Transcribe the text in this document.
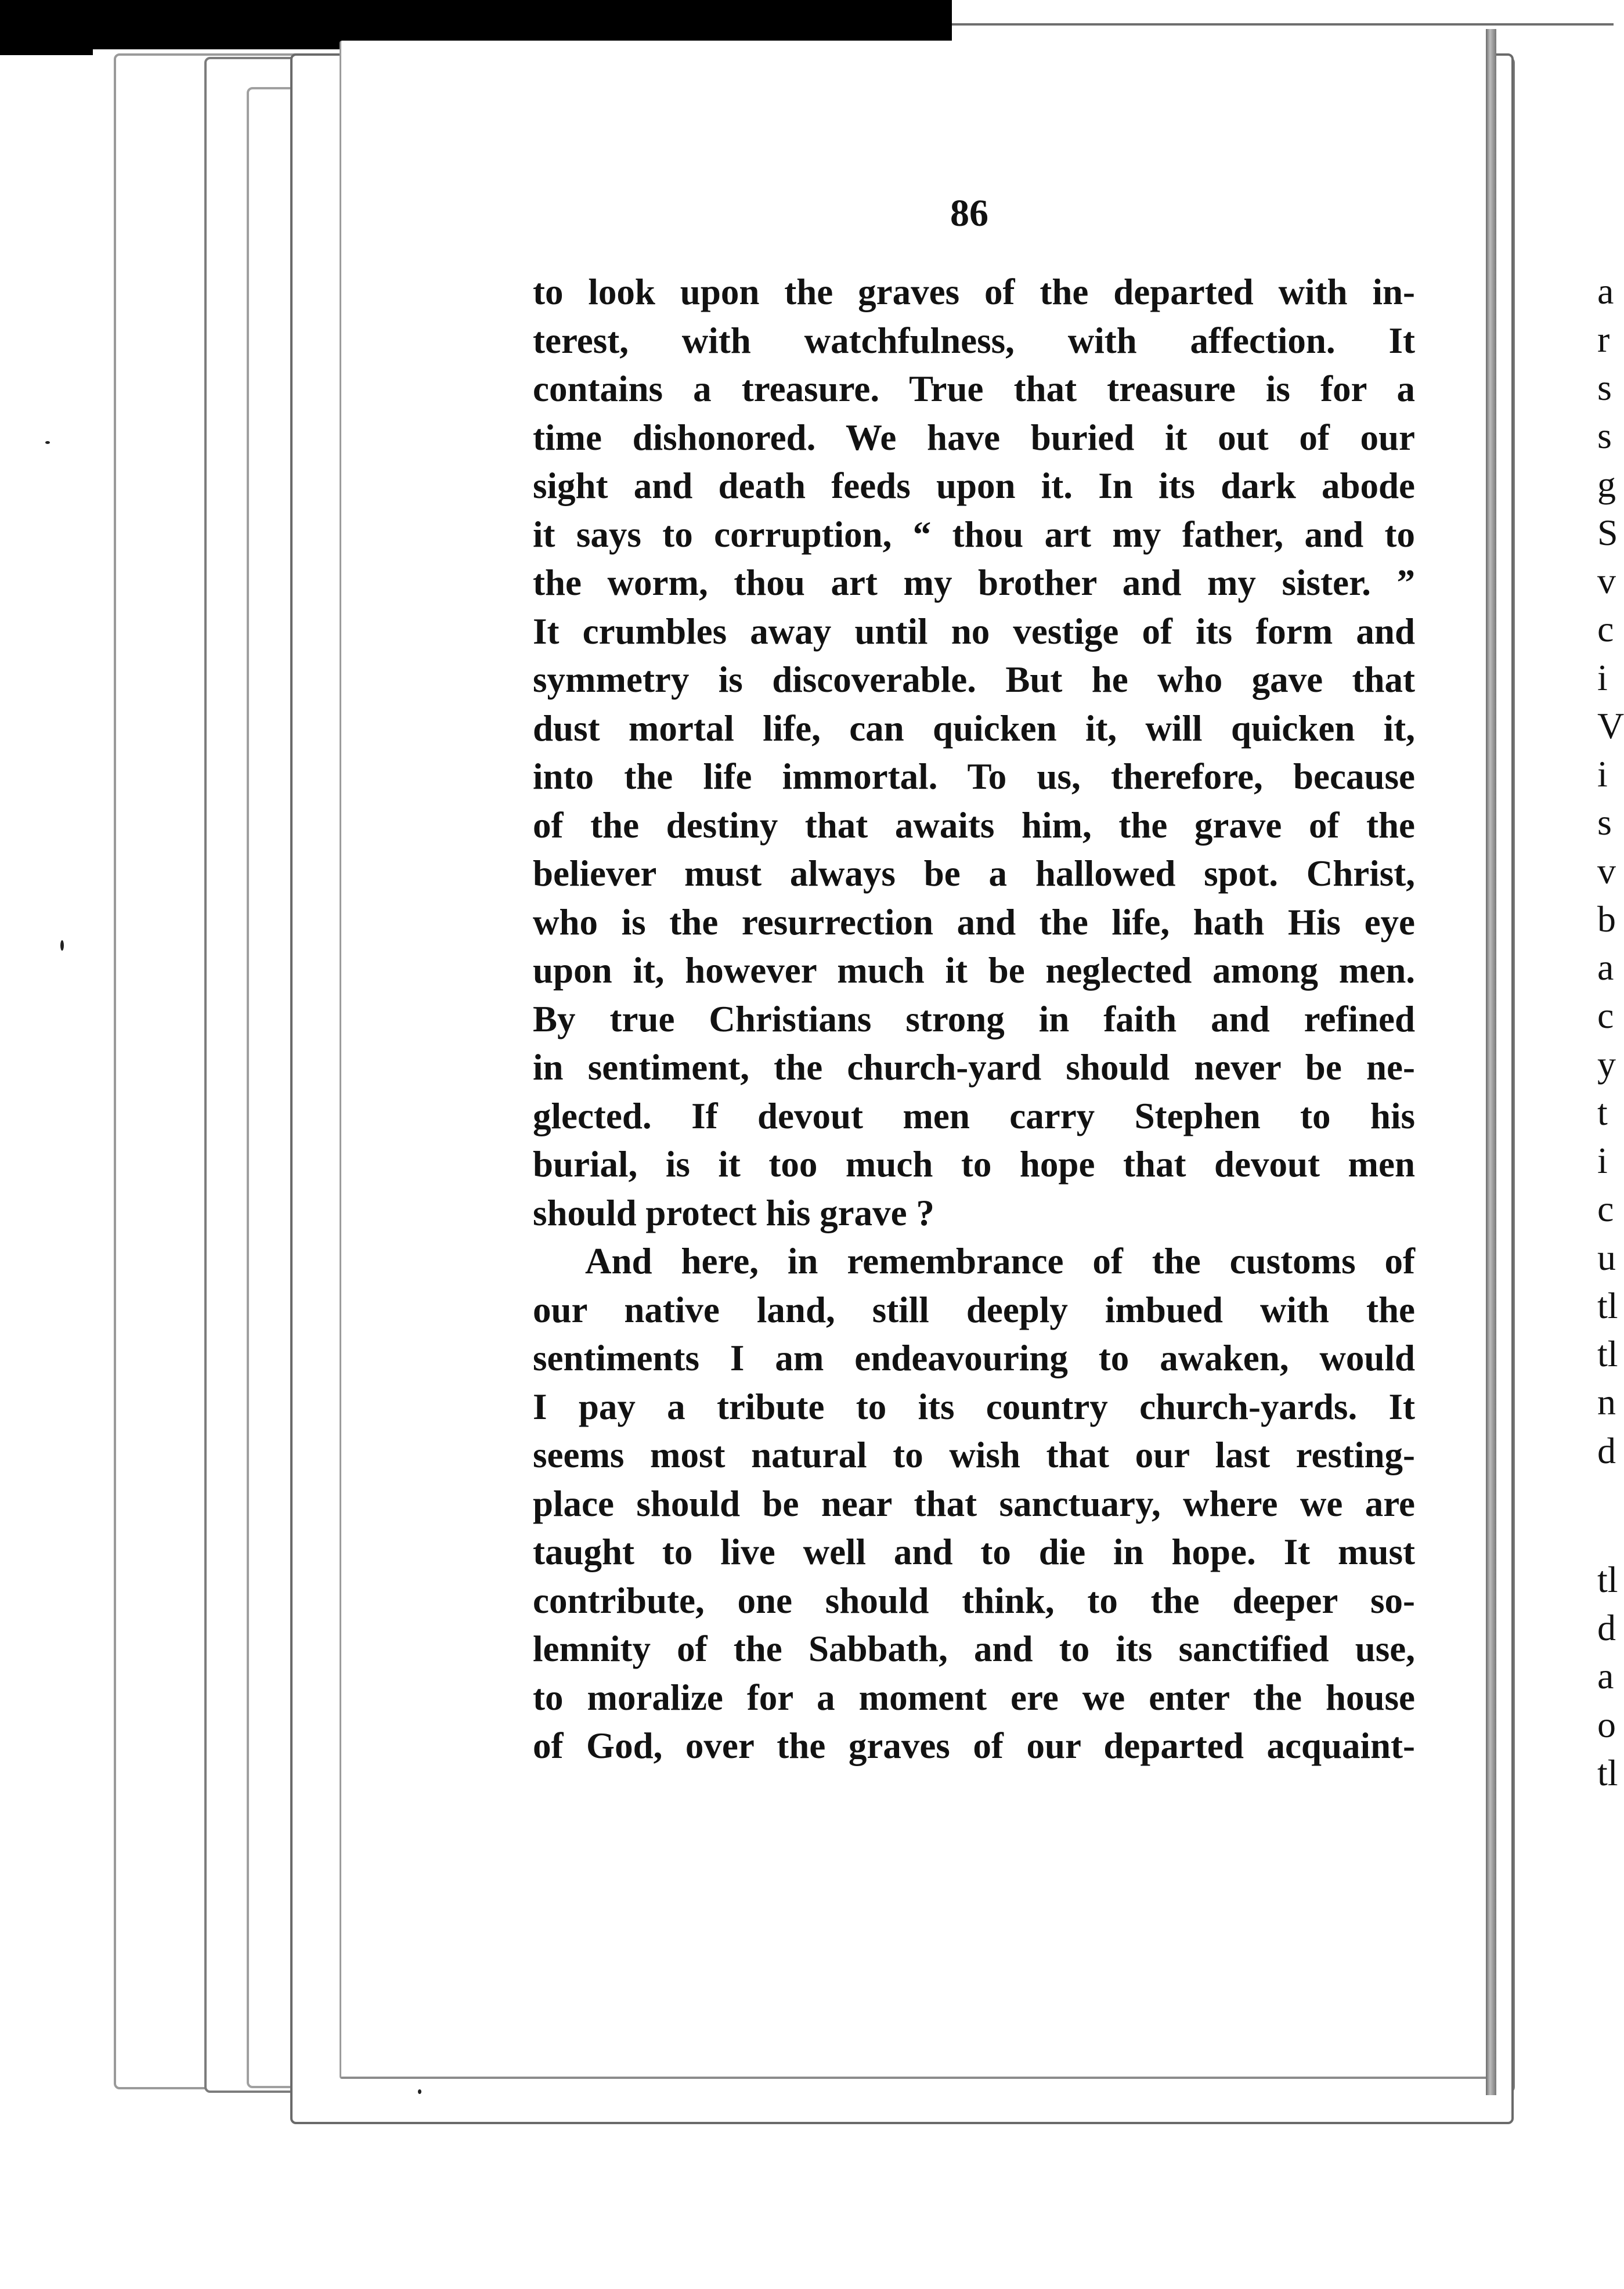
86
to look upon the graves of the departed with in-
terest, with watchfulness, with affection. It
contains a treasure. True that treasure is for a
time dishonored. We have buried it out of our
sight and death feeds upon it. In its dark abode
it says to corruption, “ thou art my father, and to
the worm, thou art my brother and my sister. ”
It crumbles away until no vestige of its form and
symmetry is discoverable. But he who gave that
dust mortal life, can quicken it, will quicken it,
into the life immortal. To us, therefore, because
of the destiny that awaits him, the grave of the
believer must always be a hallowed spot. Christ,
who is the resurrection and the life, hath His eye
upon it, however much it be neglected among men.
By true Christians strong in faith and refined
in sentiment, the church-yard should never be ne-
glected. If devout men carry Stephen to his
burial, is it too much to hope that devout men
should protect his grave ?
And here, in remembrance of the customs of
our native land, still deeply imbued with the
sentiments I am endeavouring to awaken, would
I pay a tribute to its country church-yards. It
seems most natural to wish that our last resting-
place should be near that sanctuary, where we are
taught to live well and to die in hope. It must
contribute, one should think, to the deeper so-
lemnity of the Sabbath, and to its sanctified use,
to moralize for a moment ere we enter the house
of God, over the graves of our departed acquaint-
a
r
s
s
g
S
v
c
i
V
i
s
v
b
a
c
y
t
i
c
u
tl
tl
n
d
tl
d
a
o
tl
